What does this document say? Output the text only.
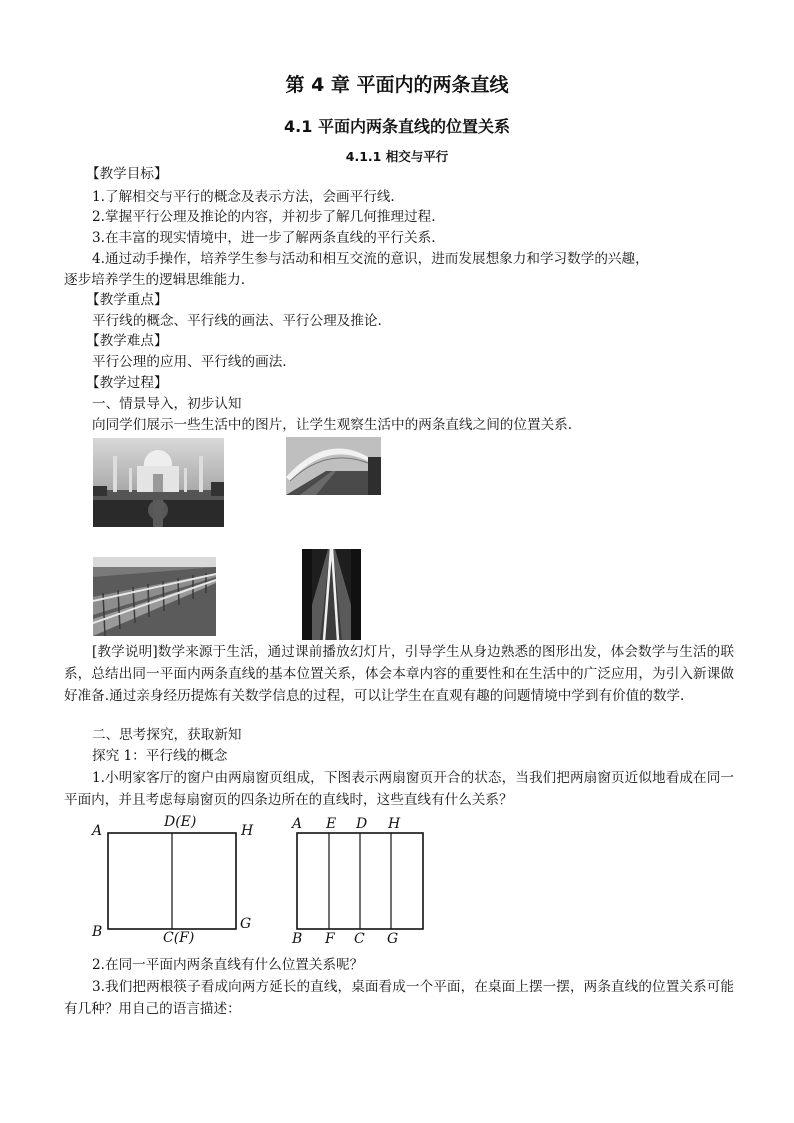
第 4 章 平面内的两条直线
4.1 平面内两条直线的位置关系
4.1.1 相交与平行
【教学目标】
1.了解相交与平行的概念及表示方法，会画平行线.
2.掌握平行公理及推论的内容，并初步了解几何推理过程.
3.在丰富的现实情境中，进一步了解两条直线的平行关系.
4.通过动手操作，培养学生参与活动和相互交流的意识，进而发展想象力和学习数学的兴趣，
逐步培养学生的逻辑思维能力.
【教学重点】
平行线的概念、平行线的画法、平行公理及推论.
【教学难点】
平行公理的应用、平行线的画法.
【教学过程】
一、情景导入，初步认知
向同学们展示一些生活中的图片，让学生观察生活中的两条直线之间的位置关系.
[教学说明]数学来源于生活，通过课前播放幻灯片，引导学生从身边熟悉的图形出发，体会数学与生活的联系，总结出同一平面内两条直线的基本位置关系，体会本章内容的重要性和在生活中的广泛应用，为引入新课做好准备.通过亲身经历提炼有关数学信息的过程，可以让学生在直观有趣的问题情境中学到有价值的数学.
二、思考探究，获取新知
探究 1：平行线的概念
1.小明家客厅的窗户由两扇窗页组成，下图表示两扇窗页开合的状态，当我们把两扇窗页近似地看成在同一平面内，并且考虑每扇窗页的四条边所在的直线时，这些直线有什么关系？
A
D(E)
H
B	C(F)
G
A E D H
B F C G
2.在同一平面内两条直线有什么位置关系呢？
3.我们把两根筷子看成向两方延长的直线，桌面看成一个平面，在桌面上摆一摆，两条直线的位置关系可能有几种？用自己的语言描述：
